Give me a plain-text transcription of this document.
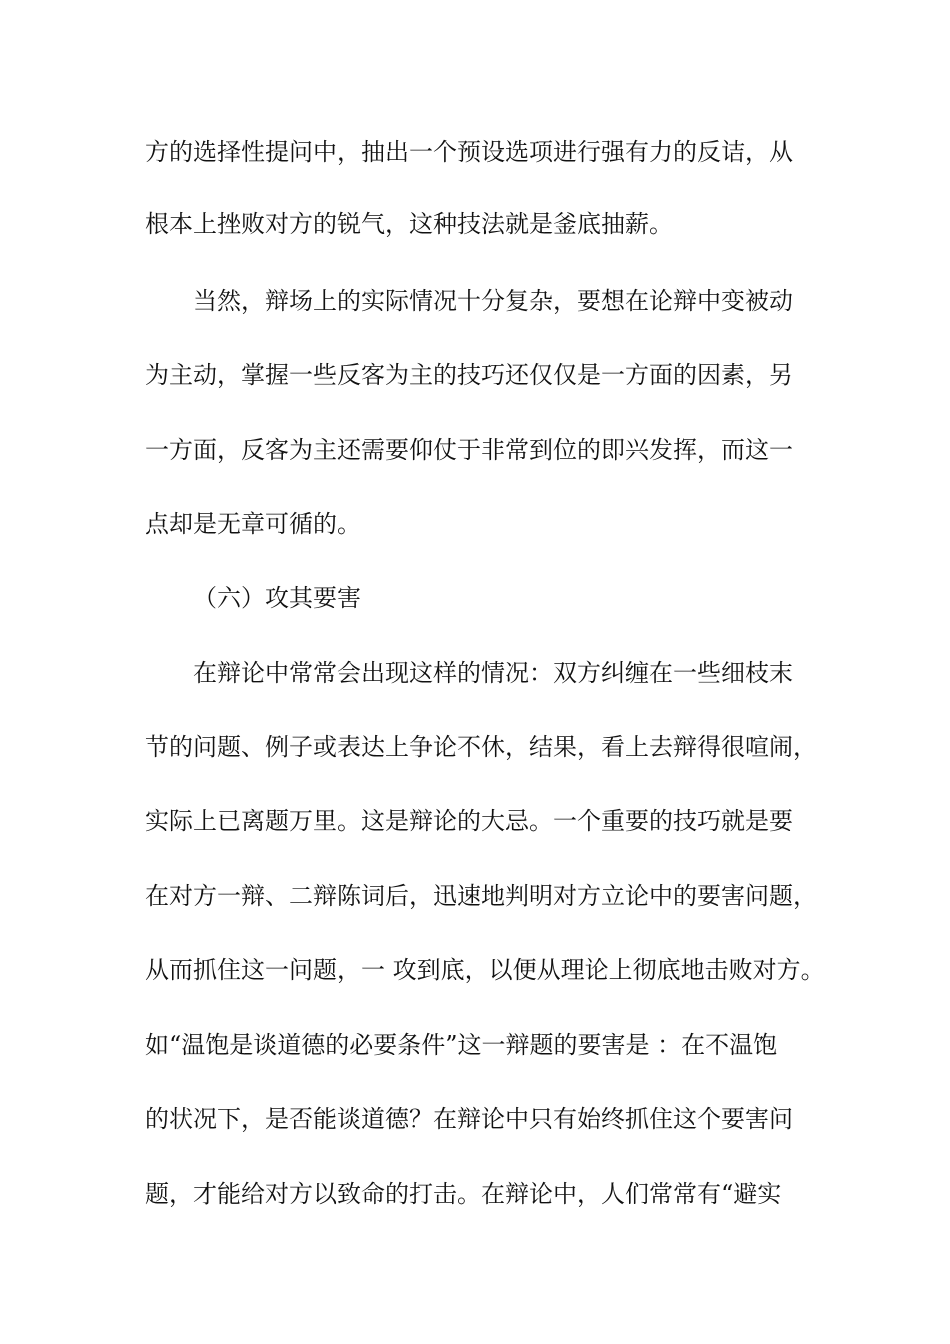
方的选择性提问中，抽出一个预设选项进行强有力的反诘，从
根本上挫败对方的锐气，这种技法就是釜底抽薪。
当然，辩场上的实际情况十分复杂，要想在论辩中变被动
为主动，掌握一些反客为主的技巧还仅仅是一方面的因素，另
一方面，反客为主还需要仰仗于非常到位的即兴发挥，而这一
点却是无章可循的。
（六）攻其要害
在辩论中常常会出现这样的情况：双方纠缠在一些细枝末
节的问题、例子或表达上争论不休，结果，看上去辩得很喧闹，
实际上已离题万里。这是辩论的大忌。一个重要的技巧就是要
在对方一辩、二辩陈词后，迅速地判明对方立论中的要害问题，
从而抓住这一问题，一 攻到底，以便从理论上彻底地击败对方。
如“温饱是谈道德的必要条件”这一辩题的要害是 ：在不温饱
的状况下，是否能谈道德？在辩论中只有始终抓住这个要害问
题，才能给对方以致命的打击。在辩论中，人们常常有“避实
